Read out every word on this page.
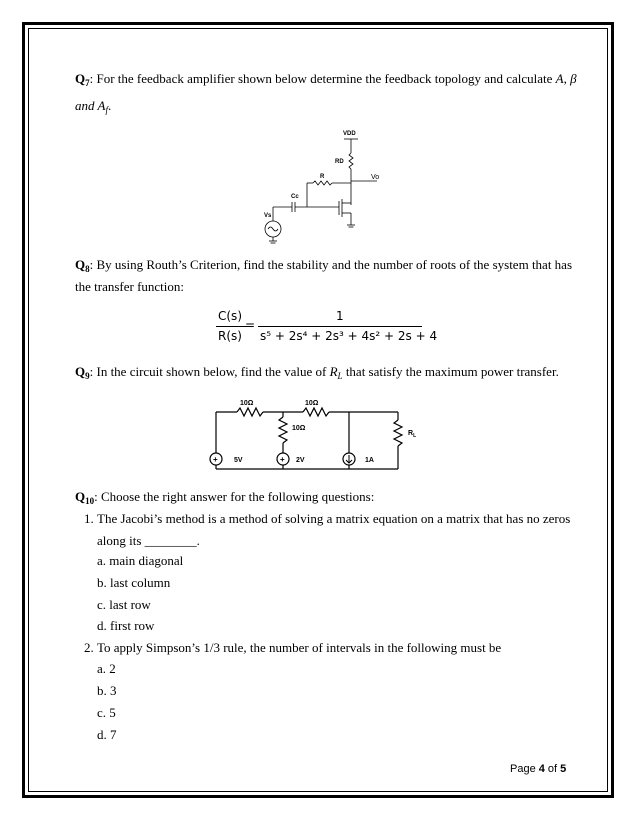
$Q_7$: For the feedback amplifier shown below determine the feedback topology and calculate A, β
and $A_f$.
VDD
RD
Vo
R
Cc
Vs
$Q_8$: By using Routh’s Criterion, find the stability and the number of roots of the system that has
the transfer function:
C(s)
R(s)
=
1
s⁵ + 2s⁴ + 2s³ + 4s² + 2s + 4
$Q_9$: In the circuit shown below, find the value of $R_L$ that satisfy the maximum power transfer.
10Ω	10Ω
10Ω
$R_L$
5V	2V	1A
+	+
$Q_{10}$: Choose the right answer for the following questions:
1. The Jacobi’s method is a method of solving a matrix equation on a matrix that has no zeros
along its ________.
a. main diagonal
b. last column
c. last row
d. first row
2. To apply Simpson’s 1/3 rule, the number of intervals in the following must be
a. 2
b. 3
c. 5
d. 7
Page 4 of 5
